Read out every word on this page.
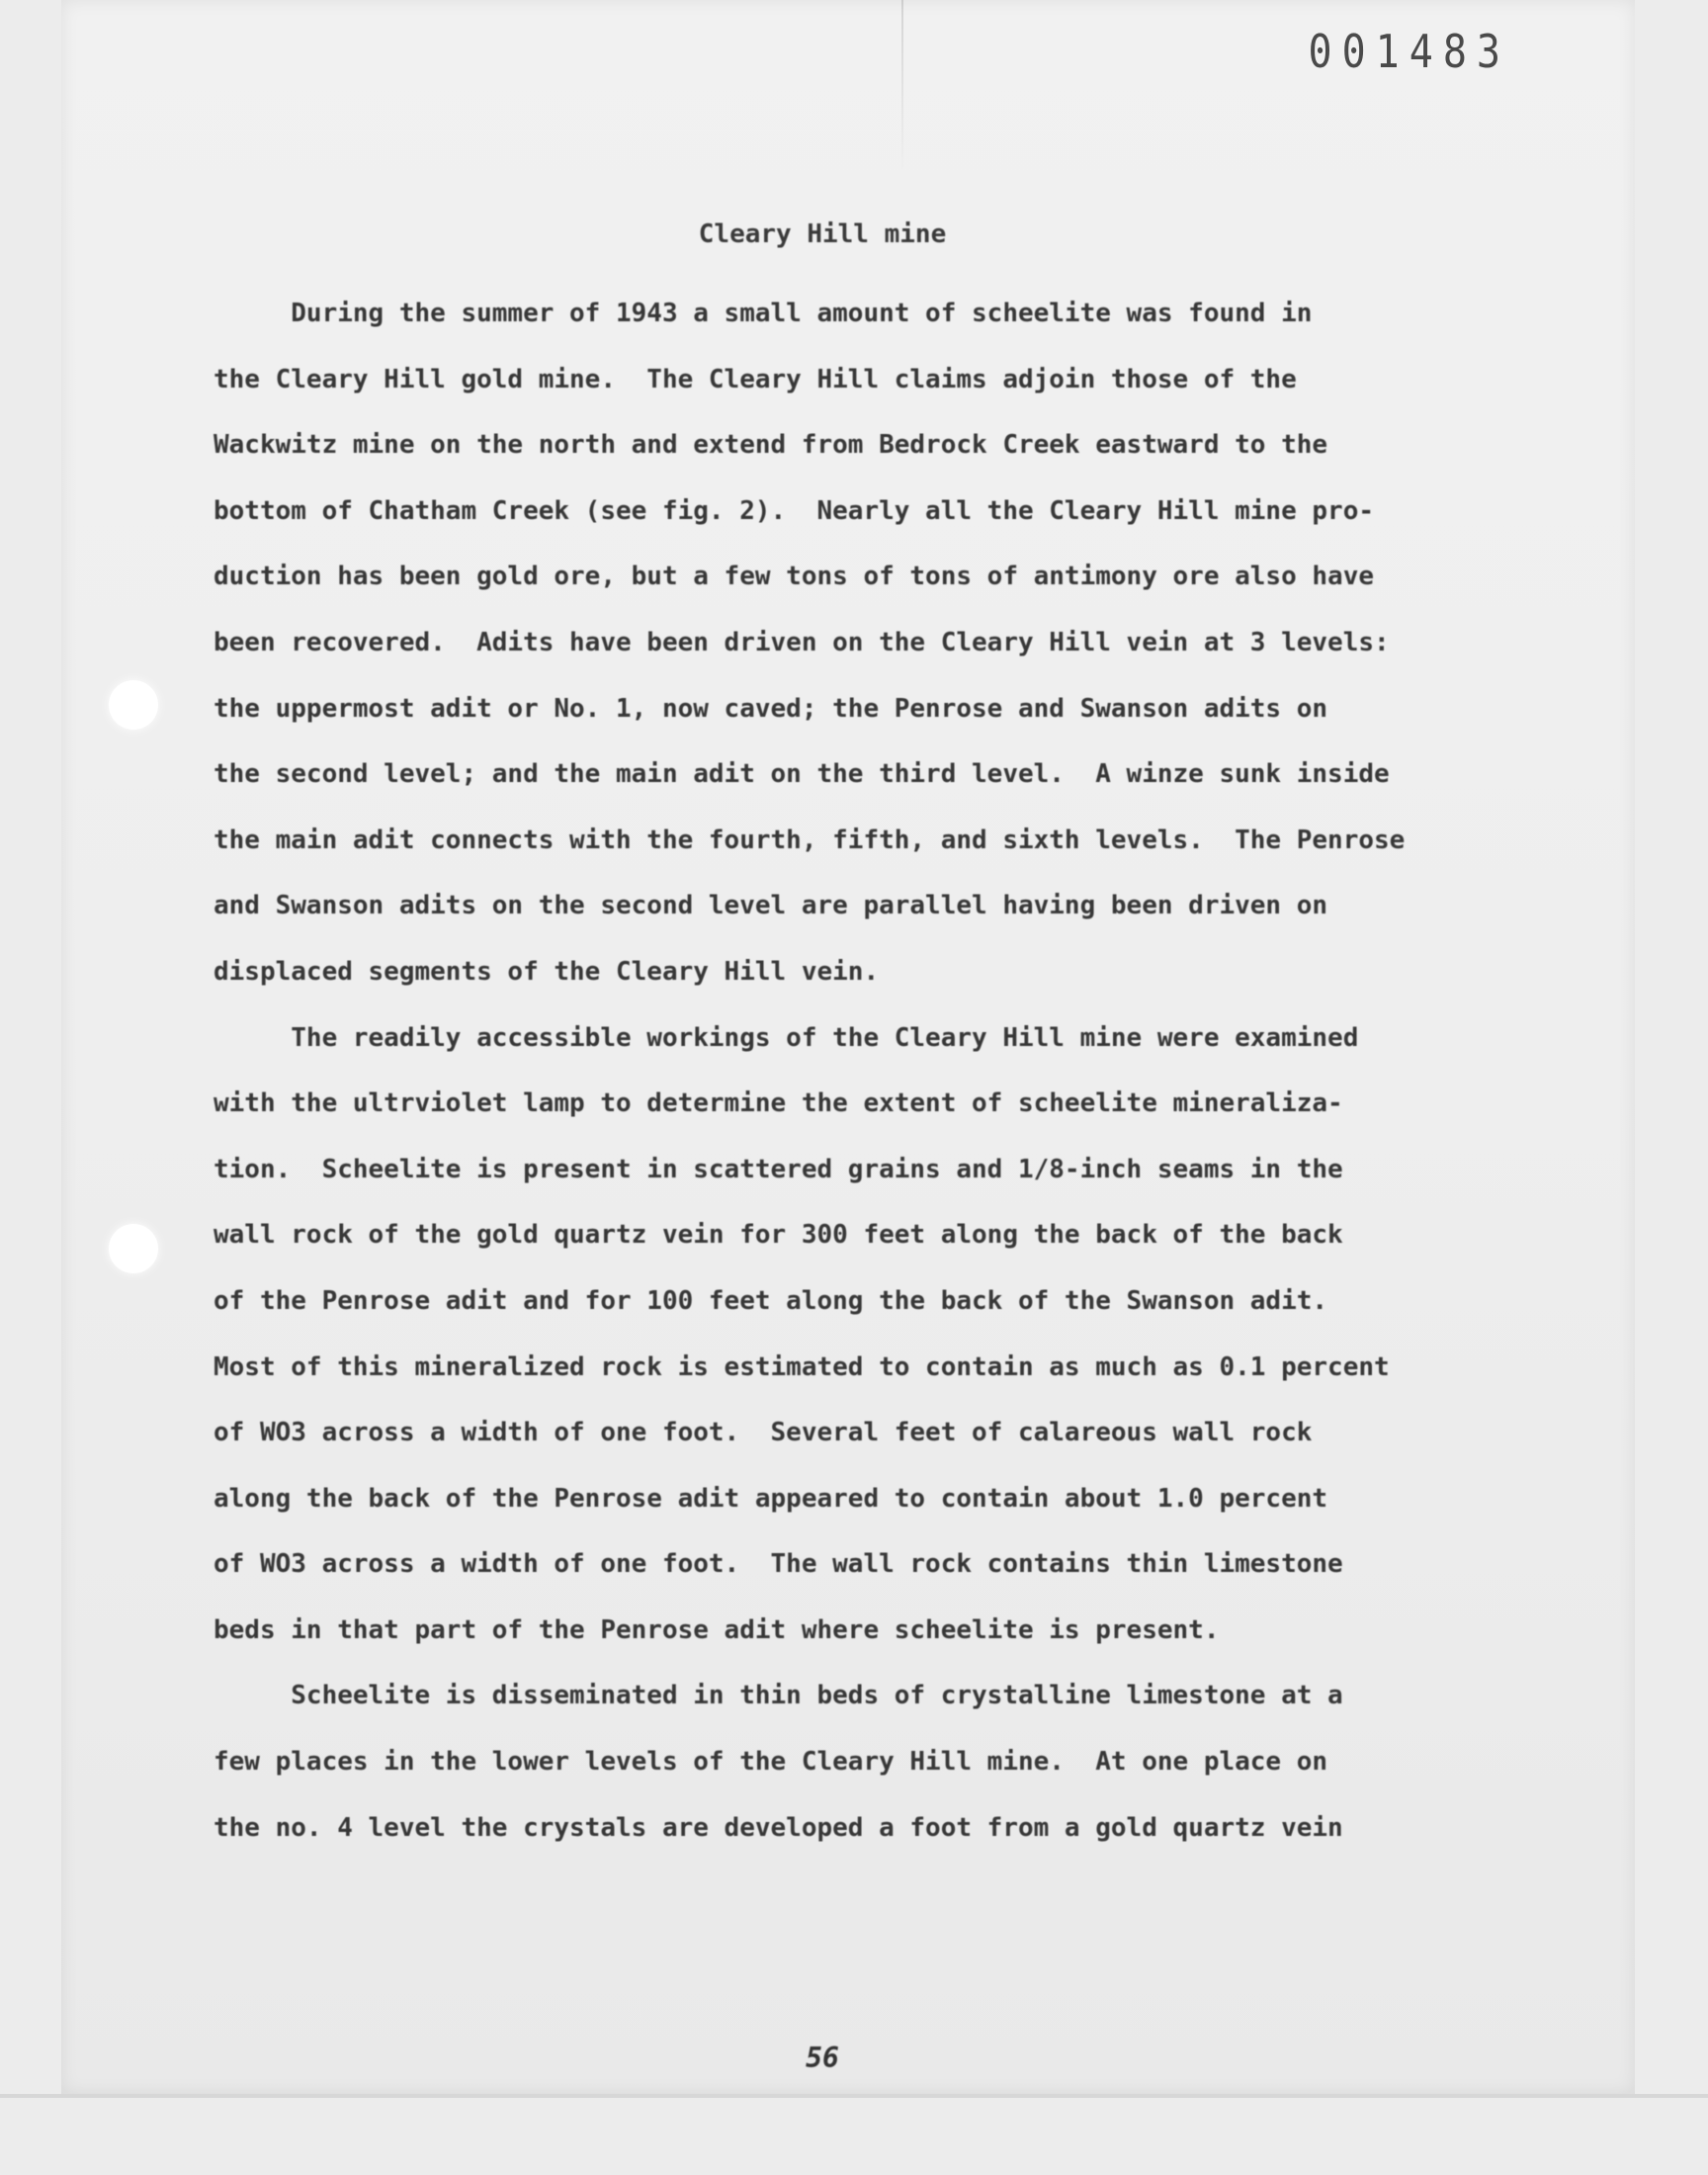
001483
Cleary Hill mine
During the summer of 1943 a small amount of scheelite was found in
the Cleary Hill gold mine.  The Cleary Hill claims adjoin those of the
Wackwitz mine on the north and extend from Bedrock Creek eastward to the
bottom of Chatham Creek (see fig. 2).  Nearly all the Cleary Hill mine pro-
duction has been gold ore, but a few tons of tons of antimony ore also have
been recovered.  Adits have been driven on the Cleary Hill vein at 3 levels:
the uppermost adit or No. 1, now caved; the Penrose and Swanson adits on
the second level; and the main adit on the third level.  A winze sunk inside
the main adit connects with the fourth, fifth, and sixth levels.  The Penrose
and Swanson adits on the second level are parallel having been driven on
displaced segments of the Cleary Hill vein.
The readily accessible workings of the Cleary Hill mine were examined
with the ultrviolet lamp to determine the extent of scheelite mineraliza-
tion.  Scheelite is present in scattered grains and 1/8-inch seams in the
wall rock of the gold quartz vein for 300 feet along the back of the back
of the Penrose adit and for 100 feet along the back of the Swanson adit.
Most of this mineralized rock is estimated to contain as much as 0.1 percent
of WO3 across a width of one foot.  Several feet of calareous wall rock
along the back of the Penrose adit appeared to contain about 1.0 percent
of WO3 across a width of one foot.  The wall rock contains thin limestone
beds in that part of the Penrose adit where scheelite is present.
Scheelite is disseminated in thin beds of crystalline limestone at a
few places in the lower levels of the Cleary Hill mine.  At one place on
the no. 4 level the crystals are developed a foot from a gold quartz vein
56
